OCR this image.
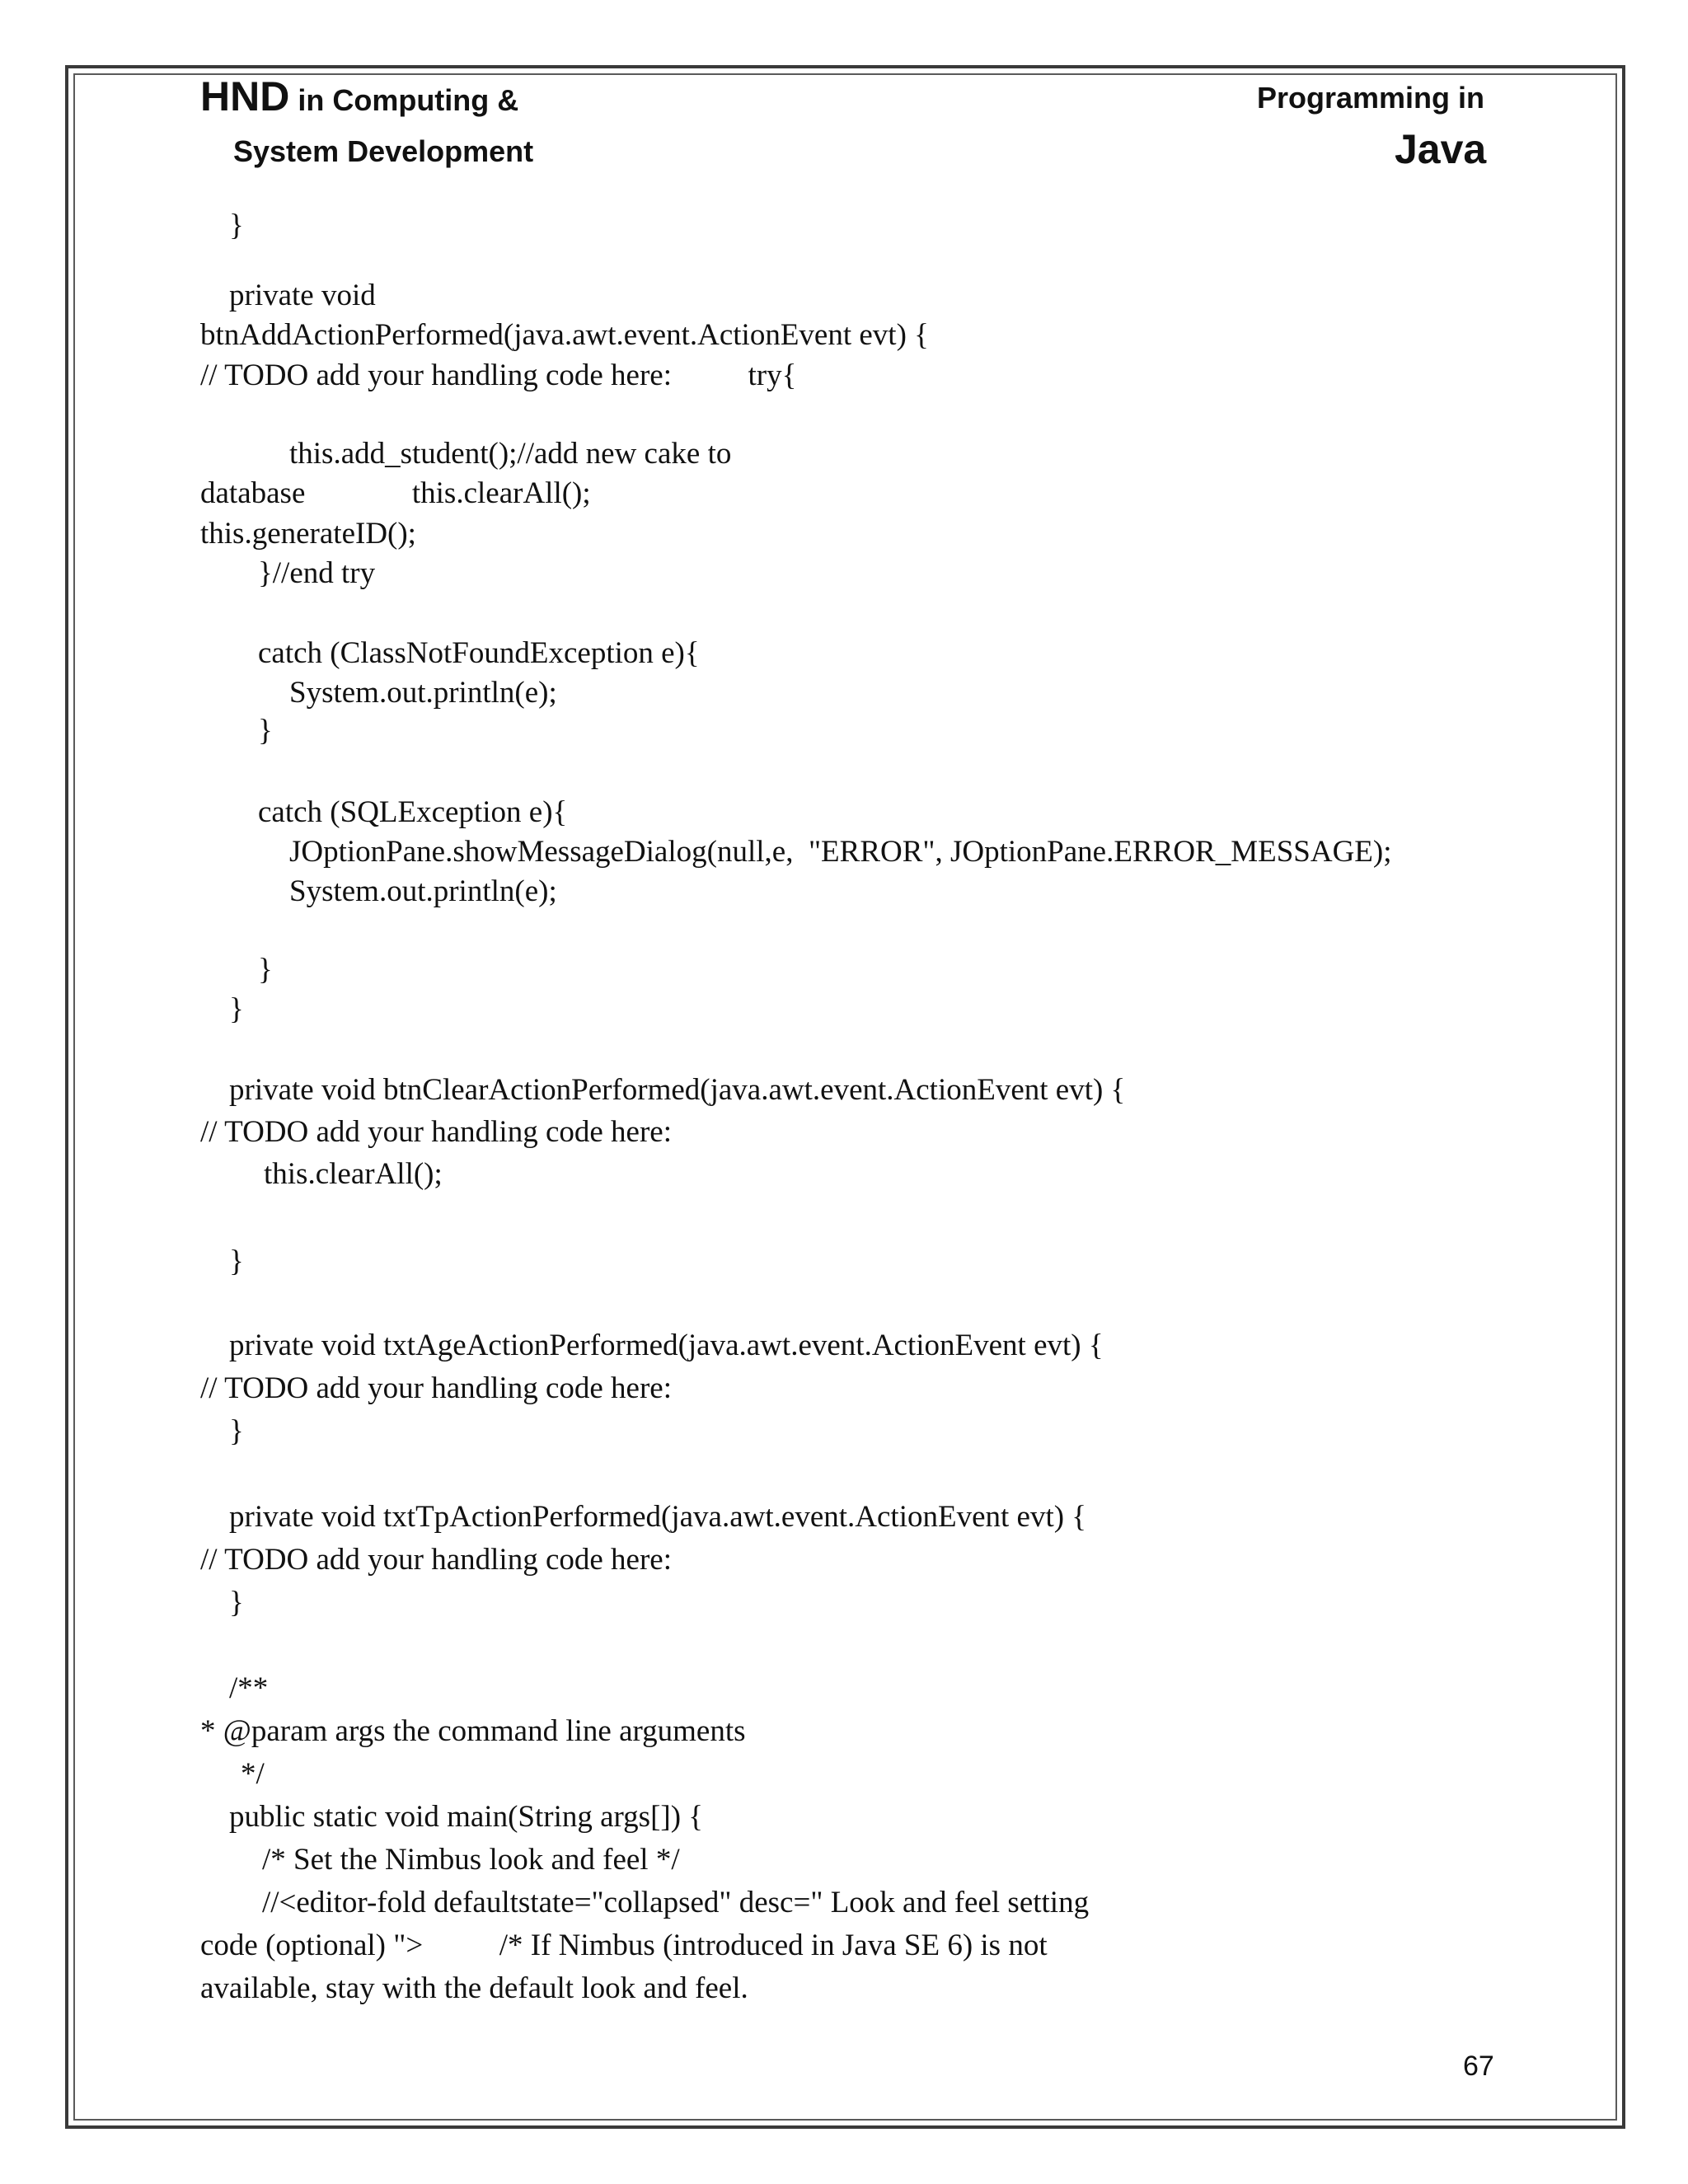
HND in Computing &
System Development
Programming in
Java
}
private void
btnAddActionPerformed(java.awt.event.ActionEvent evt) {
// TODO add your handling code here:          try{
this.add_student();//add new cake to
database              this.clearAll();
this.generateID();
}//end try
catch (ClassNotFoundException e){
System.out.println(e);
}
catch (SQLException e){
JOptionPane.showMessageDialog(null,e,  "ERROR", JOptionPane.ERROR_MESSAGE);
System.out.println(e);
}
}
private void btnClearActionPerformed(java.awt.event.ActionEvent evt) {
// TODO add your handling code here:
this.clearAll();
}
private void txtAgeActionPerformed(java.awt.event.ActionEvent evt) {
// TODO add your handling code here:
}
private void txtTpActionPerformed(java.awt.event.ActionEvent evt) {
// TODO add your handling code here:
}
/**
* @param args the command line arguments
*/
public static void main(String args[]) {
/* Set the Nimbus look and feel */
//<editor-fold defaultstate="collapsed" desc=" Look and feel setting
code (optional) ">          /* If Nimbus (introduced in Java SE 6) is not
available, stay with the default look and feel.
67
